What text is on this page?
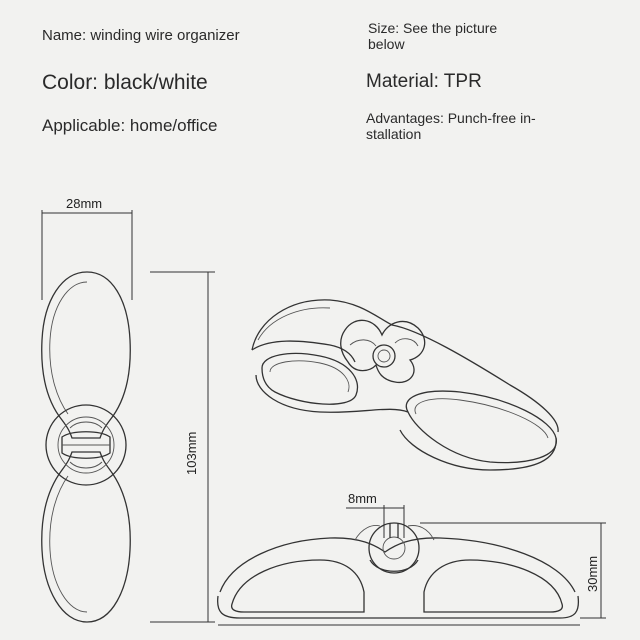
Name: winding wire organizer
Color: black/white
Applicable: home/office
Size: See the picture
below
Material: TPR
Advantages: Punch-free in-
stallation
28mm
103mm
8mm
30mm
